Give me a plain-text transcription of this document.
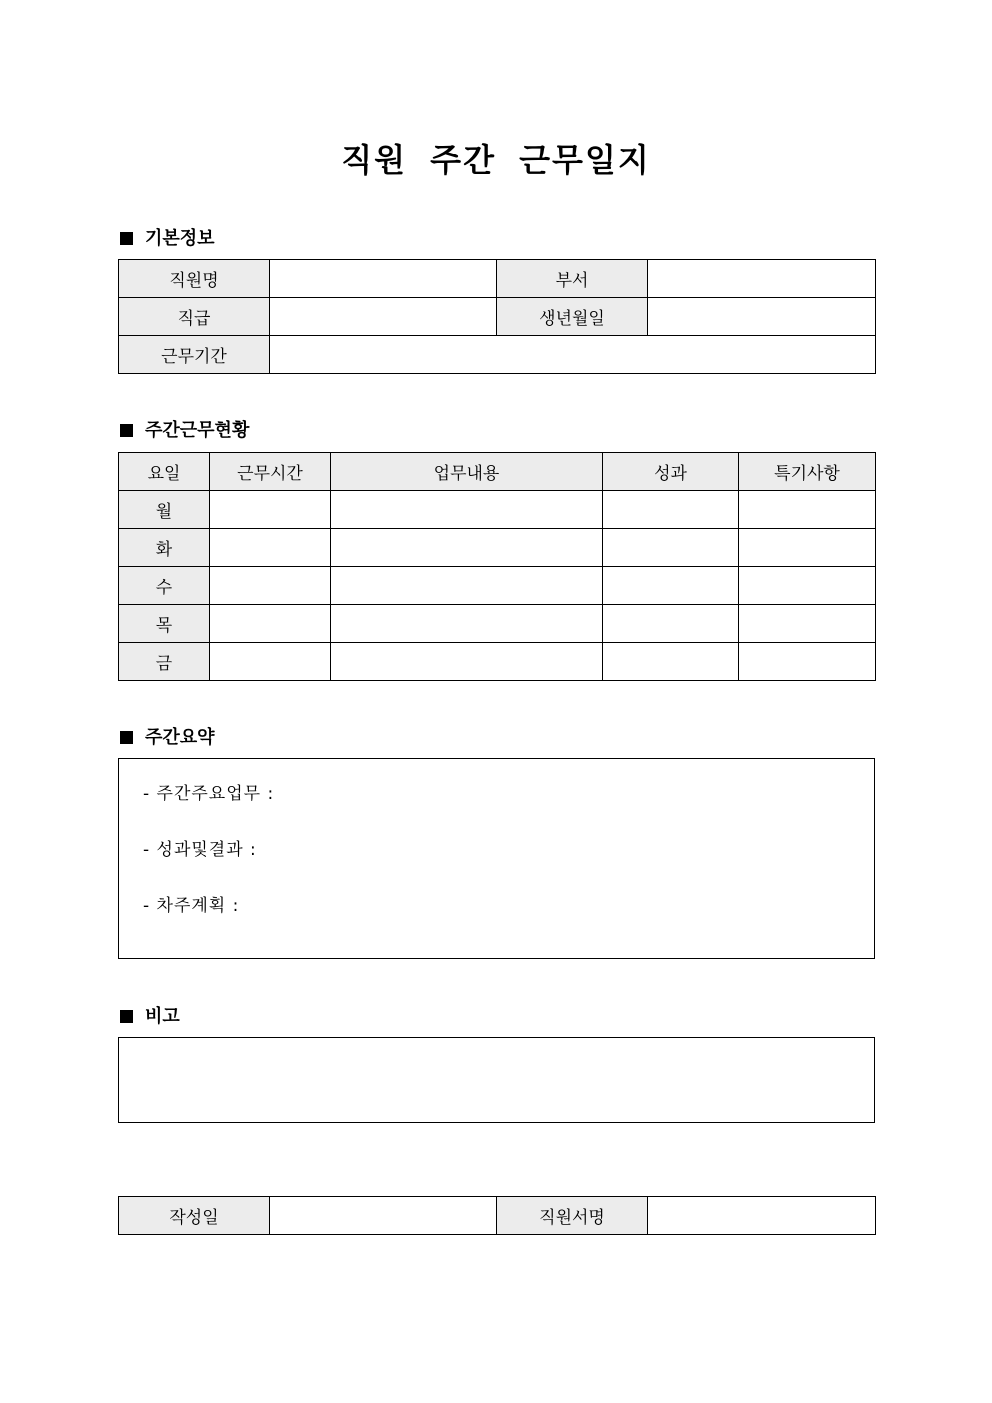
직원 주간 근무일지
기본정보
직원명		부서	
직급		생년월일	
근무기간			
주간근무현황
요일	근무시간	업무내용	성과	특기사항
월				
화				
수				
목				
금				
주간요약
- 주간주요업무 :
- 성과및결과 :
- 차주계획 :
비고
작성일		직원서명	
